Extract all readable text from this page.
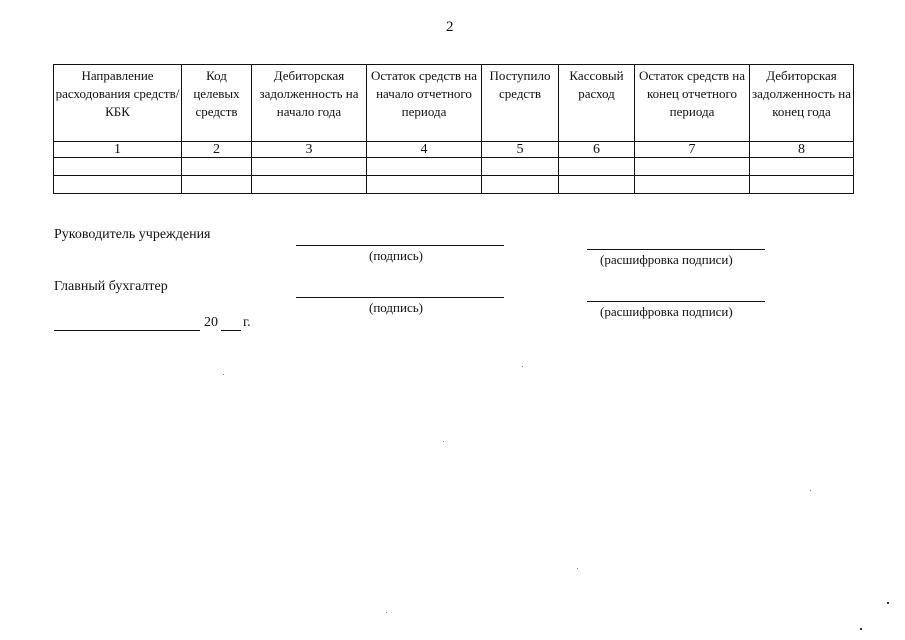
2
Направление расходования средств/КБК	Код целевых средств	Дебиторская задолженность на начало года	Остаток средств на начало отчетного периода	Поступило средств	Кассовый расход	Остаток средств на конец отчетного периода	Дебиторская задолженность на конец года
1	2	3	4	5	6	7	8

Руководитель учреждения
(подпись)	(расшифровка подписи)
Главный бухгалтер
(подпись)	(расшифровка подписи)
20 г.
